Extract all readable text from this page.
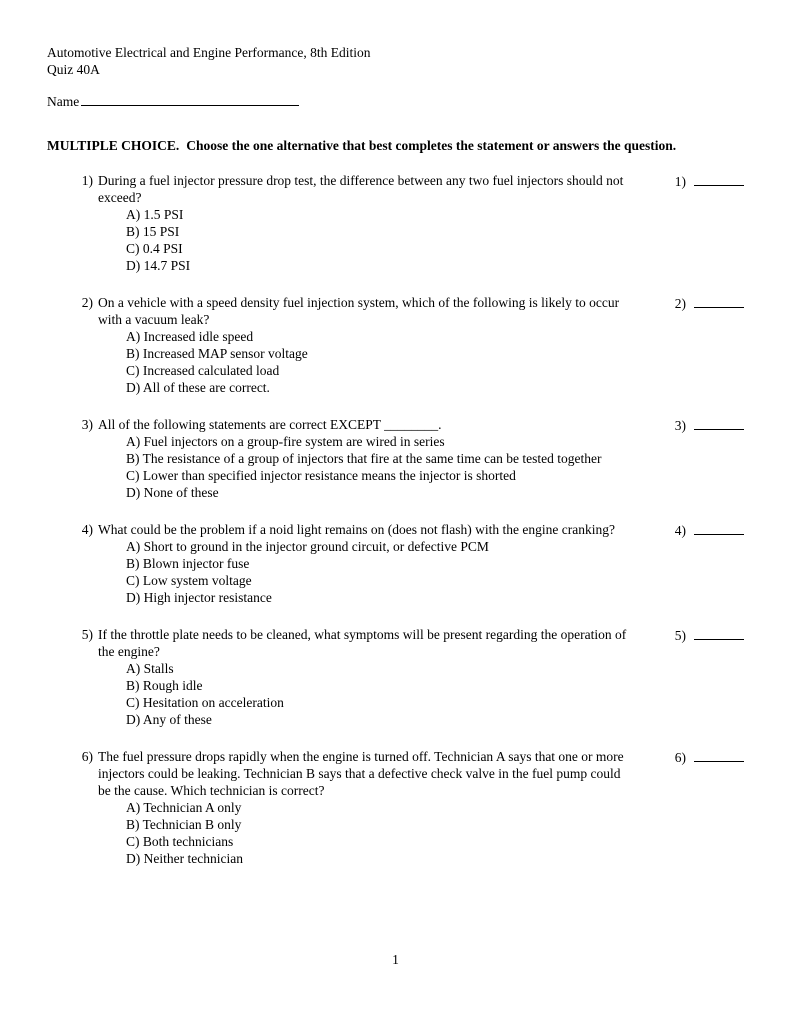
Automotive Electrical and Engine Performance, 8th Edition
Quiz 40A
Name
MULTIPLE CHOICE. Choose the one alternative that best completes the statement or answers the question.
1) During a fuel injector pressure drop test, the difference between any two fuel injectors should not exceed?
A) 1.5 PSI
B) 15 PSI
C) 0.4 PSI
D) 14.7 PSI
1)
2) On a vehicle with a speed density fuel injection system, which of the following is likely to occur with a vacuum leak?
A) Increased idle speed
B) Increased MAP sensor voltage
C) Increased calculated load
D) All of these are correct.
2)
3) All of the following statements are correct EXCEPT ________.
A) Fuel injectors on a group-fire system are wired in series
B) The resistance of a group of injectors that fire at the same time can be tested together
C) Lower than specified injector resistance means the injector is shorted
D) None of these
3)
4) What could be the problem if a noid light remains on (does not flash) with the engine cranking?
A) Short to ground in the injector ground circuit, or defective PCM
B) Blown injector fuse
C) Low system voltage
D) High injector resistance
4)
5) If the throttle plate needs to be cleaned, what symptoms will be present regarding the operation of the engine?
A) Stalls
B) Rough idle
C) Hesitation on acceleration
D) Any of these
5)
6) The fuel pressure drops rapidly when the engine is turned off. Technician A says that one or more injectors could be leaking. Technician B says that a defective check valve in the fuel pump could be the cause. Which technician is correct?
A) Technician A only
B) Technician B only
C) Both technicians
D) Neither technician
6)
1
